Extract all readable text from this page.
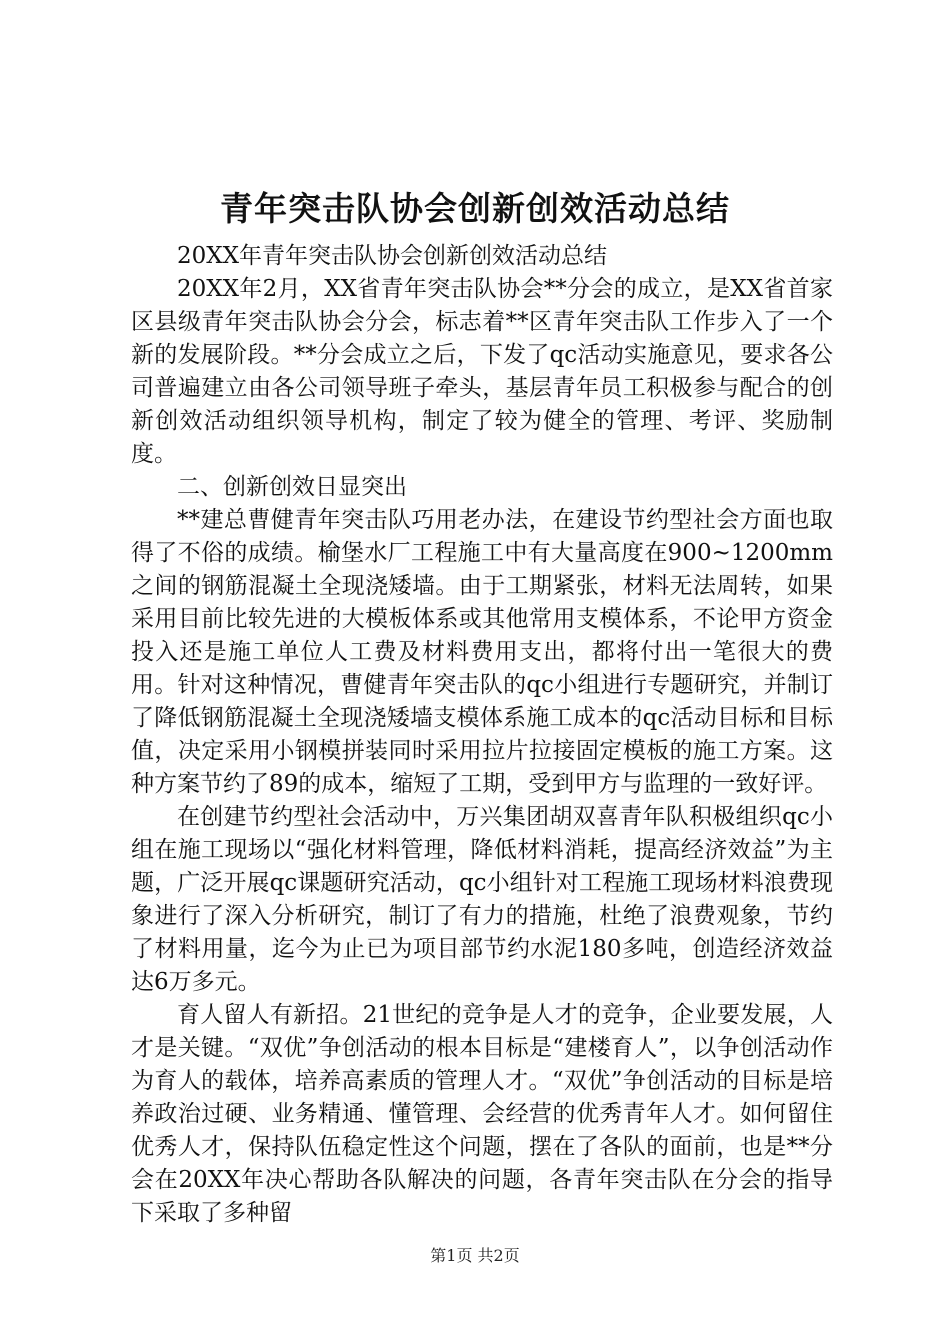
青年突击队协会创新创效活动总结

20XX年青年突击队协会创新创效活动总结

20XX年2月，XX省青年突击队协会**分会的成立，是XX省首家区县级青年突击队协会分会，标志着**区青年突击队工作步入了一个新的发展阶段。**分会成立之后，下发了qc活动实施意见，要求各公司普遍建立由各公司领导班子牵头，基层青年员工积极参与配合的创新创效活动组织领导机构，制定了较为健全的管理、考评、奖励制度。

二、创新创效日显突出

**建总曹健青年突击队巧用老办法，在建设节约型社会方面也取得了不俗的成绩。榆堡水厂工程施工中有大量高度在900~1200mm之间的钢筋混凝土全现浇矮墙。由于工期紧张，材料无法周转，如果采用目前比较先进的大模板体系或其他常用支模体系，不论甲方资金投入还是施工单位人工费及材料费用支出，都将付出一笔很大的费用。针对这种情况，曹健青年突击队的qc小组进行专题研究，并制订了降低钢筋混凝土全现浇矮墙支模体系施工成本的qc活动目标和目标值，决定采用小钢模拼装同时采用拉片拉接固定模板的施工方案。这种方案节约了89的成本，缩短了工期，受到甲方与监理的一致好评。

在创建节约型社会活动中，万兴集团胡双喜青年队积极组织qc小组在施工现场以“强化材料管理，降低材料消耗，提高经济效益”为主题，广泛开展qc课题研究活动，qc小组针对工程施工现场材料浪费现象进行了深入分析研究，制订了有力的措施，杜绝了浪费观象，节约了材料用量，迄今为止已为项目部节约水泥180多吨，创造经济效益达6万多元。

育人留人有新招。21世纪的竞争是人才的竞争，企业要发展，人才是关键。“双优”争创活动的根本目标是“建楼育人”，以争创活动作为育人的载体，培养高素质的管理人才。“双优”争创活动的目标是培养政治过硬、业务精通、懂管理、会经营的优秀青年人才。如何留住优秀人才，保持队伍稳定性这个问题，摆在了各队的面前，也是**分会在20XX年决心帮助各队解决的问题，各青年突击队在分会的指导下采取了多种留

第1页 共2页
